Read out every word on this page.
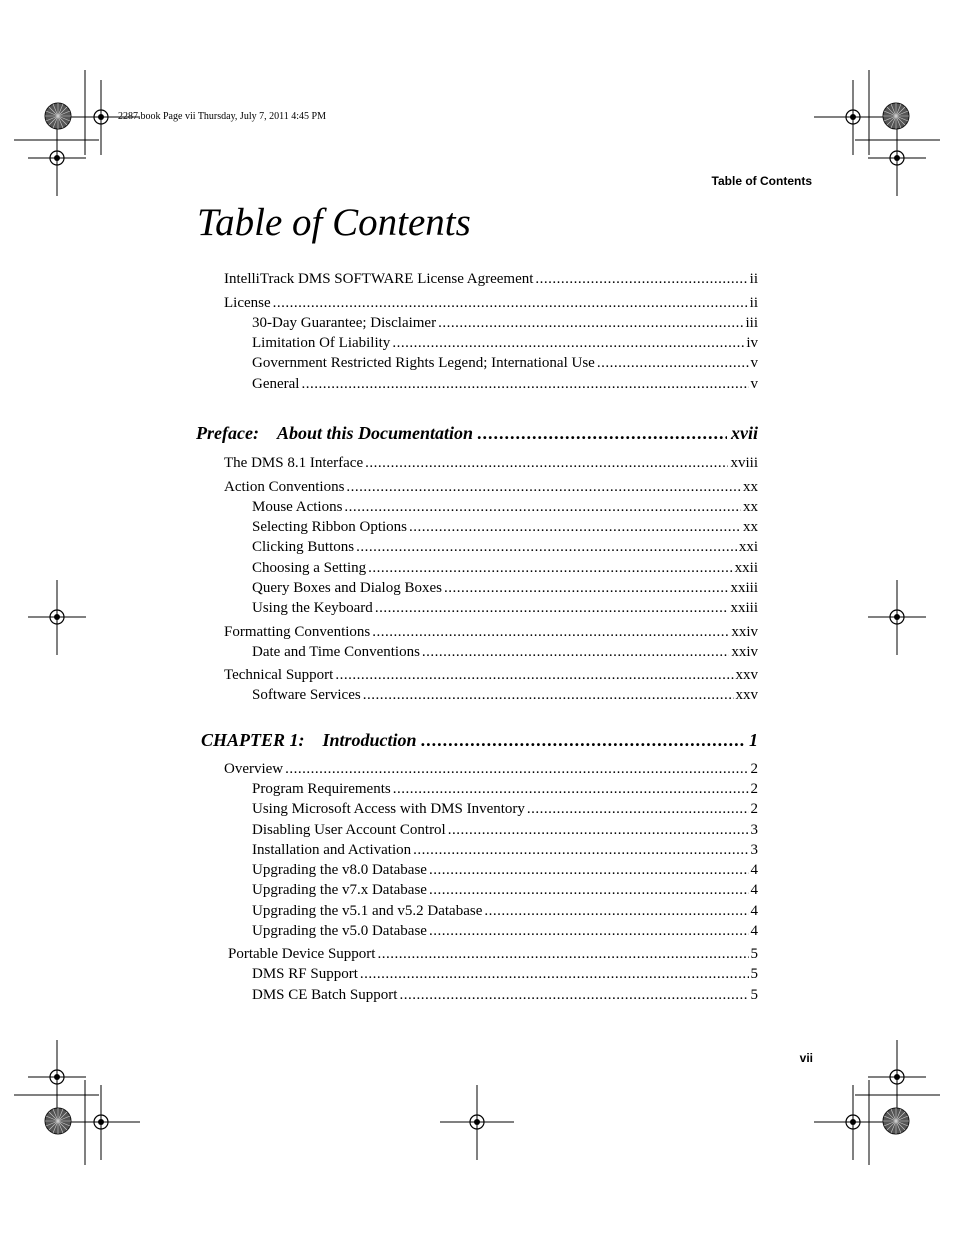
2287.book Page vii Thursday, July 7, 2011 4:45 PM
Table of Contents
Table of Contents
IntelliTrack DMS SOFTWARE License Agreement .....	ii
License .....	ii
30-Day Guarantee; Disclaimer .....	iii
Limitation Of Liability .....	iv
Government Restricted Rights Legend; International Use .....	v
General .....	v
Preface: About this Documentation .....	xvii
The DMS 8.1 Interface .....	xviii
Action Conventions .....	xx
Mouse Actions .....	xx
Selecting Ribbon Options .....	xx
Clicking Buttons .....	xxi
Choosing a Setting .....	xxii
Query Boxes and Dialog Boxes .....	xxiii
Using the Keyboard .....	xxiii
Formatting Conventions .....	xxiv
Date and Time Conventions .....	xxiv
Technical Support .....	xxv
Software Services .....	xxv
CHAPTER 1: Introduction .....	1
Overview .....	2
Program Requirements .....	2
Using Microsoft Access with DMS Inventory .....	2
Disabling User Account Control .....	3
Installation and Activation .....	3
Upgrading the v8.0 Database .....	4
Upgrading the v7.x Database .....	4
Upgrading the v5.1 and v5.2 Database .....	4
Upgrading the v5.0 Database .....	4
Portable Device Support .....	5
DMS RF Support .....	5
DMS CE Batch Support .....	5
vii
